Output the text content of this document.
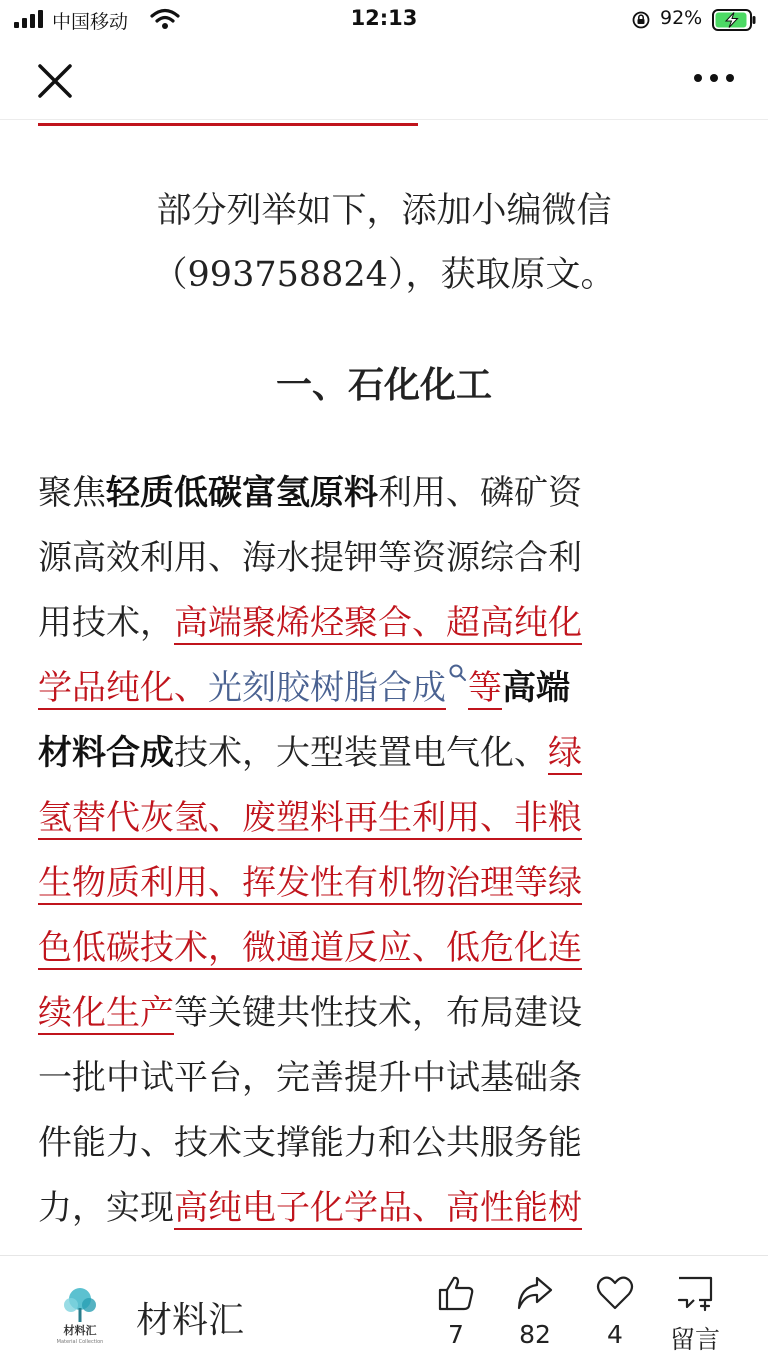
中国移动	12:13	92%
部分列举如下，添加小编微信
（993758824），获取原文。
一、石化化工
聚焦轻质低碳富氢原料利用、磷矿资
源高效利用、海水提钾等资源综合利
用技术，高端聚烯烃聚合、超高纯化
学品纯化、光刻胶树脂合成 等高端
材料合成技术，大型装置电气化、绿
氢替代灰氢、废塑料再生利用、非粮
生物质利用、挥发性有机物治理等绿
色低碳技术，微通道反应、低危化连
续化生产等关键共性技术，布局建设
一批中试平台，完善提升中试基础条
件能力、技术支撑能力和公共服务能
力，实现高纯电子化学品、高性能树
材料汇
Material Collection
材料汇	7	82	4	留言
